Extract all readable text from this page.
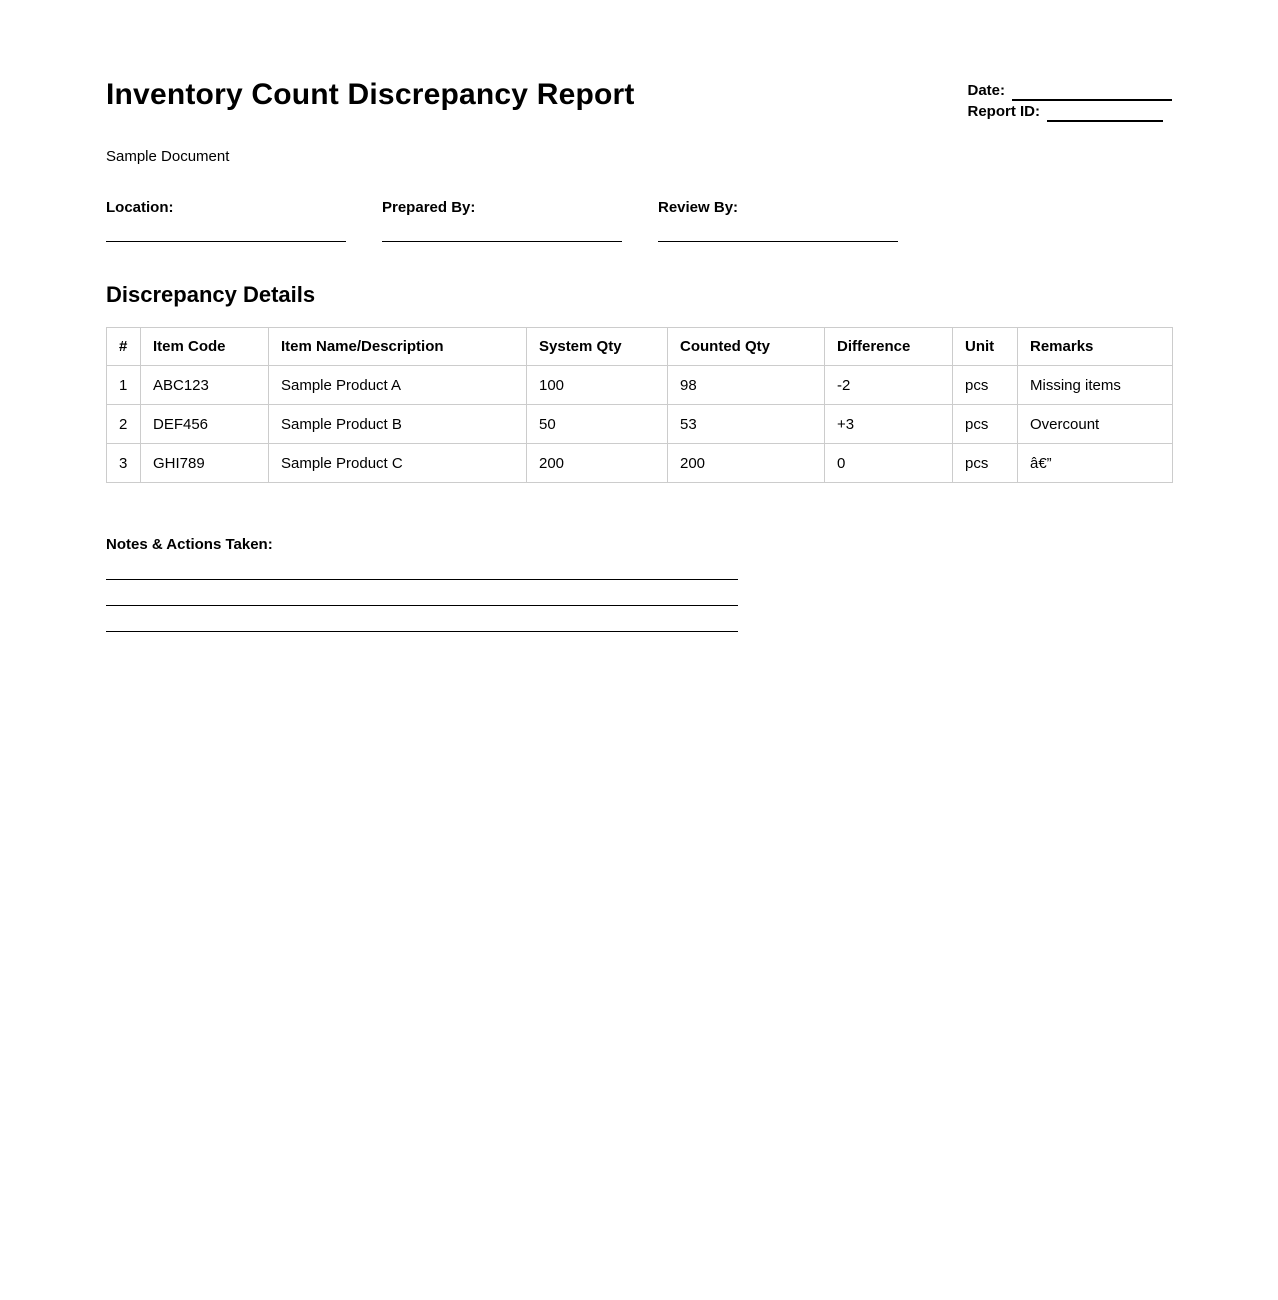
Inventory Count Discrepancy Report	Date:
Report ID:

Sample Document

Location:	Prepared By:	Review By:
Discrepancy Details
#	Item Code	Item Name/Description	System Qty	Counted Qty	Difference	Unit	Remarks
1	ABC123	Sample Product A	100	98	-2	pcs	Missing items
2	DEF456	Sample Product B	50	53	+3	pcs	Overcount
3	GHI789	Sample Product C	200	200	0	pcs	â€”
Notes & Actions Taken:
